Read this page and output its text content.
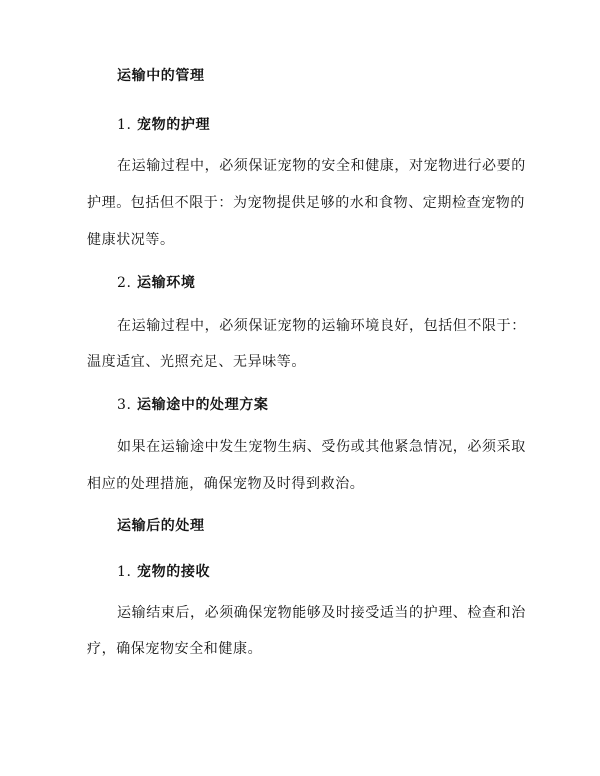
运输中的管理
1. 宠物的护理
在运输过程中，必须保证宠物的安全和健康，对宠物进行必要的
护理。包括但不限于：为宠物提供足够的水和食物、定期检查宠物的
健康状况等。
2. 运输环境
在运输过程中，必须保证宠物的运输环境良好，包括但不限于：
温度适宜、光照充足、无异味等。
3. 运输途中的处理方案
如果在运输途中发生宠物生病、受伤或其他紧急情况，必须采取
相应的处理措施，确保宠物及时得到救治。
运输后的处理
1. 宠物的接收
运输结束后，必须确保宠物能够及时接受适当的护理、检查和治
疗，确保宠物安全和健康。
